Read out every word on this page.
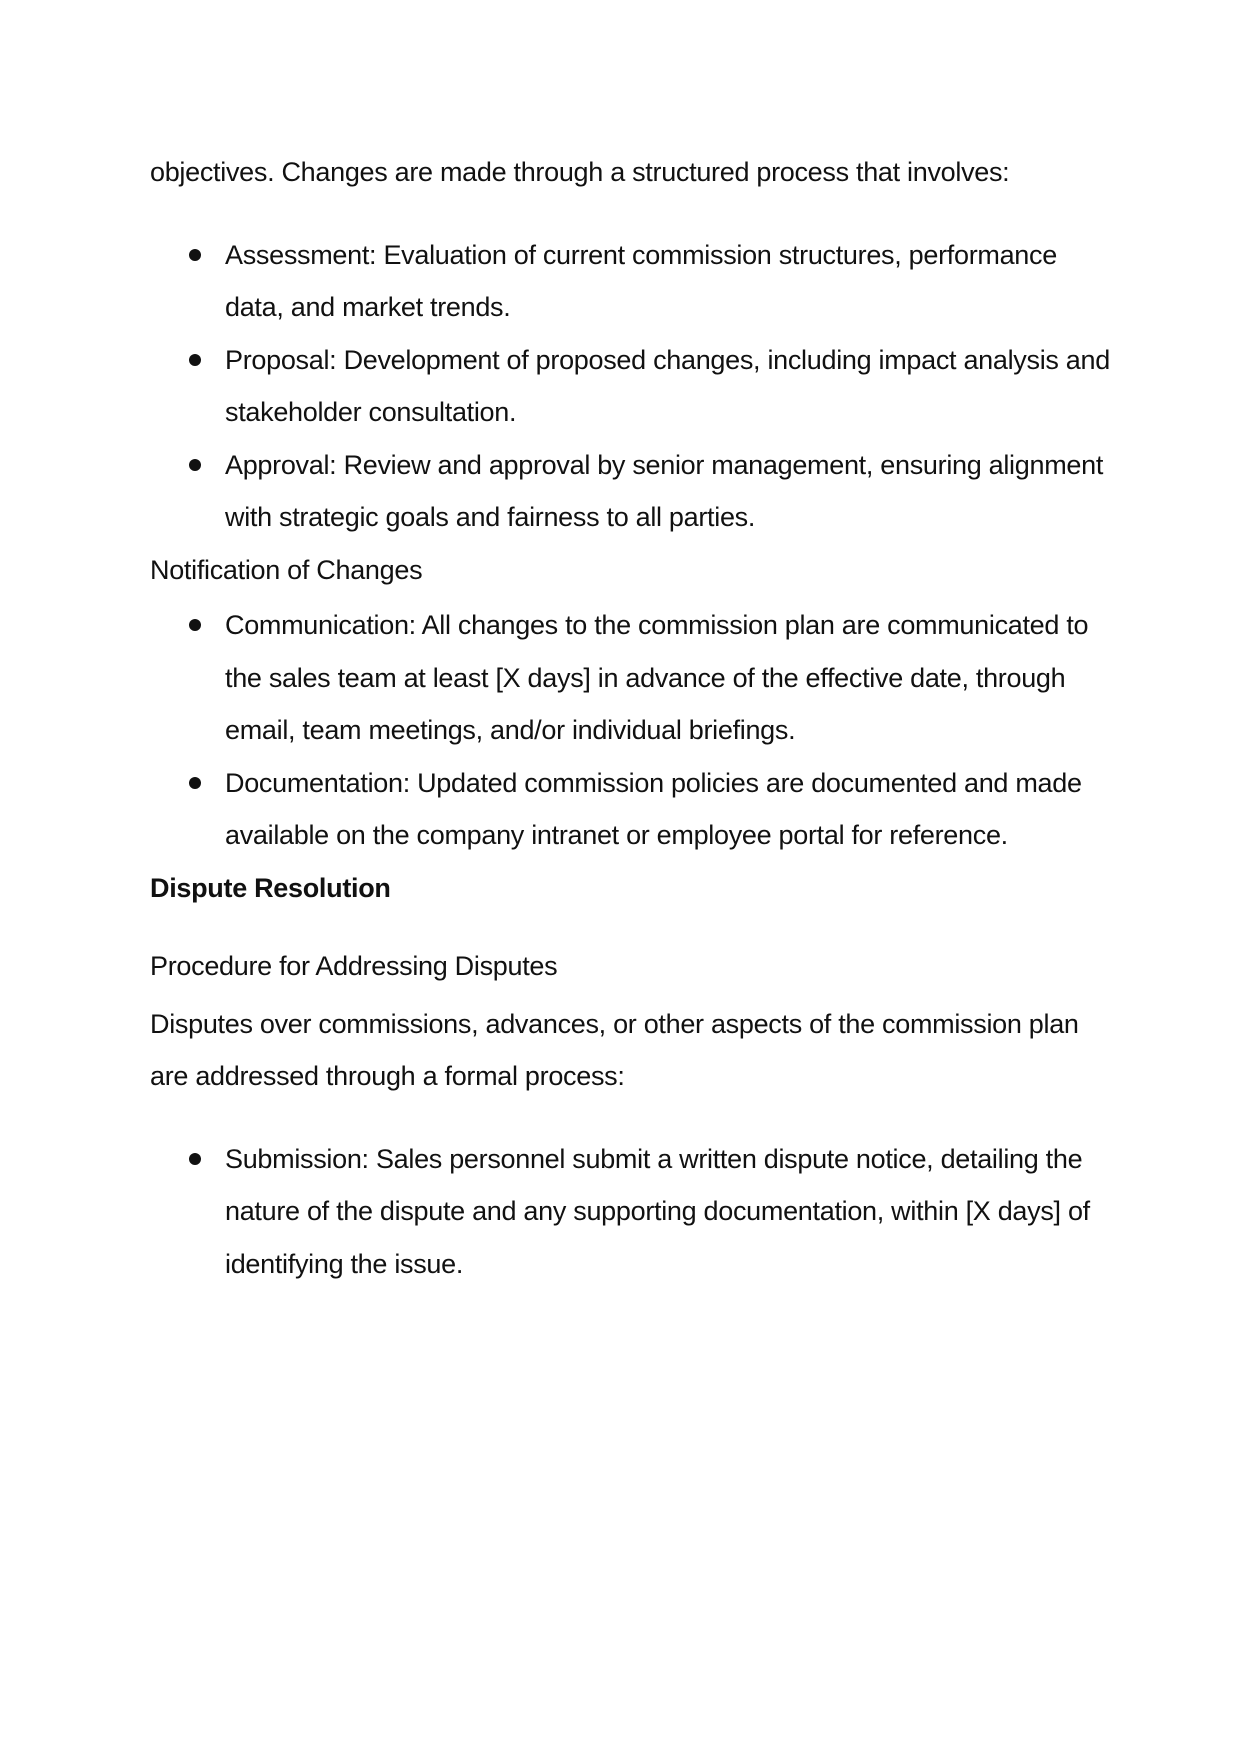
objectives. Changes are made through a structured process that involves:

Assessment: Evaluation of current commission structures, performance data, and market trends.
Proposal: Development of proposed changes, including impact analysis and stakeholder consultation.
Approval: Review and approval by senior management, ensuring alignment with strategic goals and fairness to all parties.

Notification of Changes

Communication: All changes to the commission plan are communicated to the sales team at least [X days] in advance of the effective date, through email, team meetings, and/or individual briefings.
Documentation: Updated commission policies are documented and made available on the company intranet or employee portal for reference.

Dispute Resolution

Procedure for Addressing Disputes

Disputes over commissions, advances, or other aspects of the commission plan are addressed through a formal process:

Submission: Sales personnel submit a written dispute notice, detailing the nature of the dispute and any supporting documentation, within [X days] of identifying the issue.
